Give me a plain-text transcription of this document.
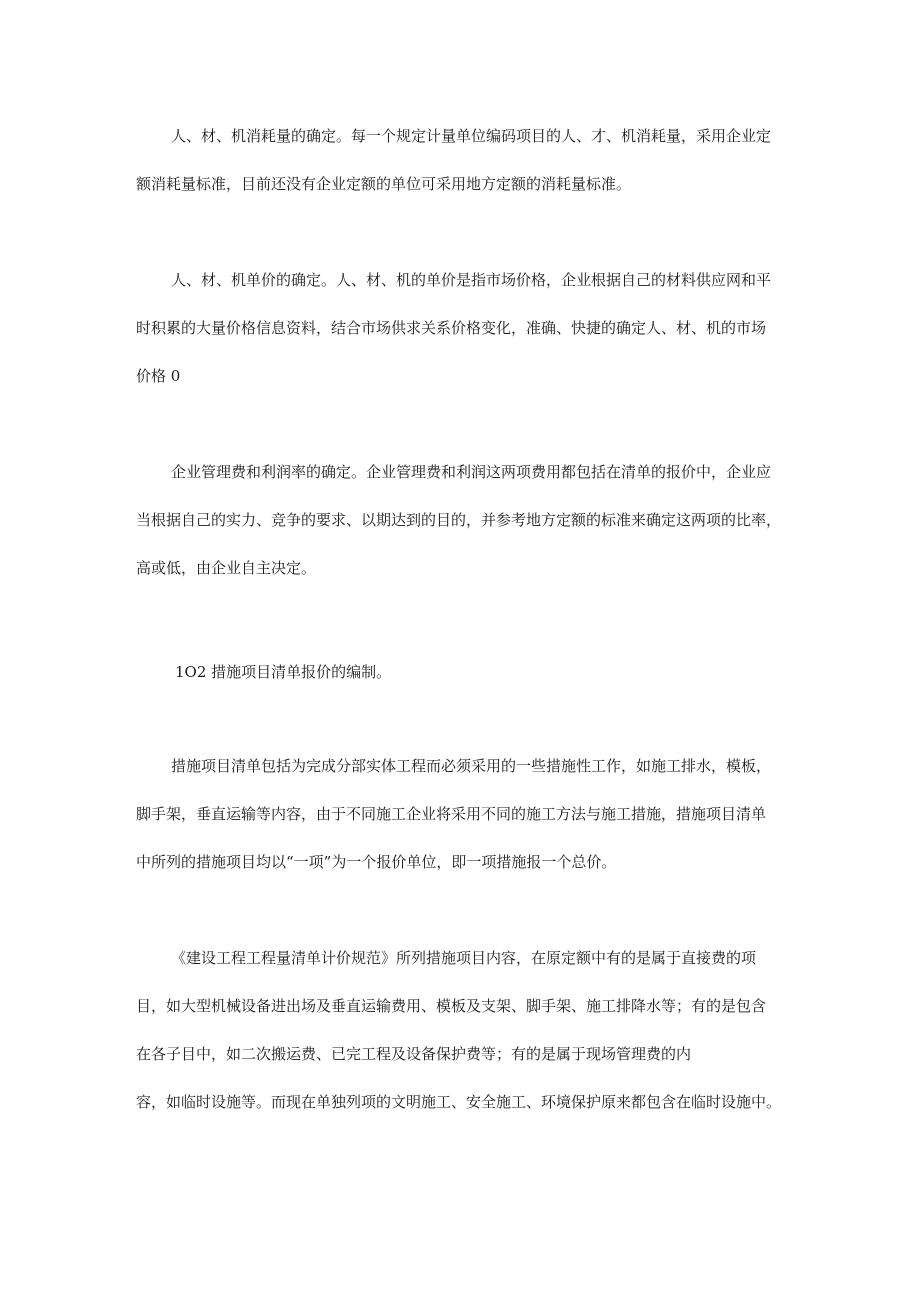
人、材、机消耗量的确定。每一个规定计量单位编码项目的人、才、机消耗量，采用企业定

额消耗量标准，目前还没有企业定额的单位可采用地方定额的消耗量标准。

人、材、机单价的确定。人、材、机的单价是指市场价格，企业根据自己的材料供应网和平

时积累的大量价格信息资料，结合市场供求关系价格变化，准确、快捷的确定人、材、机的市场

价格 0

企业管理费和利润率的确定。企业管理费和利润这两项费用都包括在清单的报价中，企业应

当根据自己的实力、竞争的要求、以期达到的目的，并参考地方定额的标准来确定这两项的比率，

高或低，由企业自主决定。

1O2 措施项目清单报价的编制。

措施项目清单包括为完成分部实体工程而必须采用的一些措施性工作，如施工排水，模板，

脚手架，垂直运输等内容，由于不同施工企业将采用不同的施工方法与施工措施，措施项目清单

中所列的措施项目均以“一项”为一个报价单位，即一项措施报一个总价。

《建设工程工程量清单计价规范》所列措施项目内容，在原定额中有的是属于直接费的项

目，如大型机械设备进出场及垂直运输费用、模板及支架、脚手架、施工排降水等；有的是包含

在各子目中，如二次搬运费、已完工程及设备保护费等；有的是属于现场管理费的内

容，如临时设施等。而现在单独列项的文明施工、安全施工、环境保护原来都包含在临时设施中。
